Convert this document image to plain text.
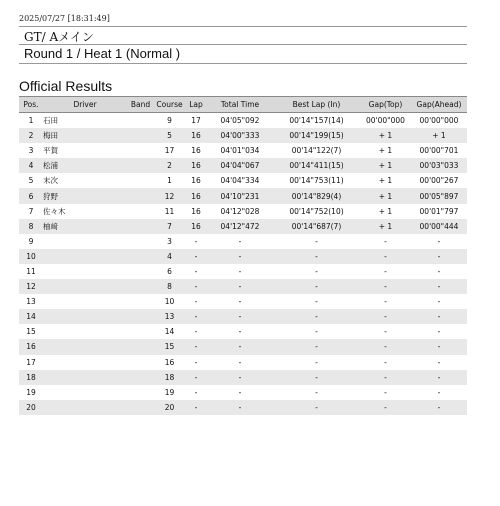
2025/07/27 [18:31:49]
GT/ Aメイン
Round 1 / Heat 1 (Normal )
Official Results
Pos.	Driver	Band	Course	Lap	Total Time	Best Lap (In)	Gap(Top)	Gap(Ahead)
1	石田		9	17	04'05"092	00'14"157(14)	00'00"000	00'00"000
2	梅田		5	16	04'00"333	00'14"199(15)	+ 1	+ 1
3	平賀		17	16	04'01"034	00'14"122(7)	+ 1	00'00"701
4	松浦		2	16	04'04"067	00'14"411(15)	+ 1	00'03"033
5	末次		1	16	04'04"334	00'14"753(11)	+ 1	00'00"267
6	狩野		12	16	04'10"231	00'14"829(4)	+ 1	00'05"897
7	佐々木		11	16	04'12"028	00'14"752(10)	+ 1	00'01"797
8	柚﨑		7	16	04'12"472	00'14"687(7)	+ 1	00'00"444
9			3	-	-	-	-	-
10			4	-	-	-	-	-
11			6	-	-	-	-	-
12			8	-	-	-	-	-
13			10	-	-	-	-	-
14			13	-	-	-	-	-
15			14	-	-	-	-	-
16			15	-	-	-	-	-
17			16	-	-	-	-	-
18			18	-	-	-	-	-
19			19	-	-	-	-	-
20			20	-	-	-	-	-
